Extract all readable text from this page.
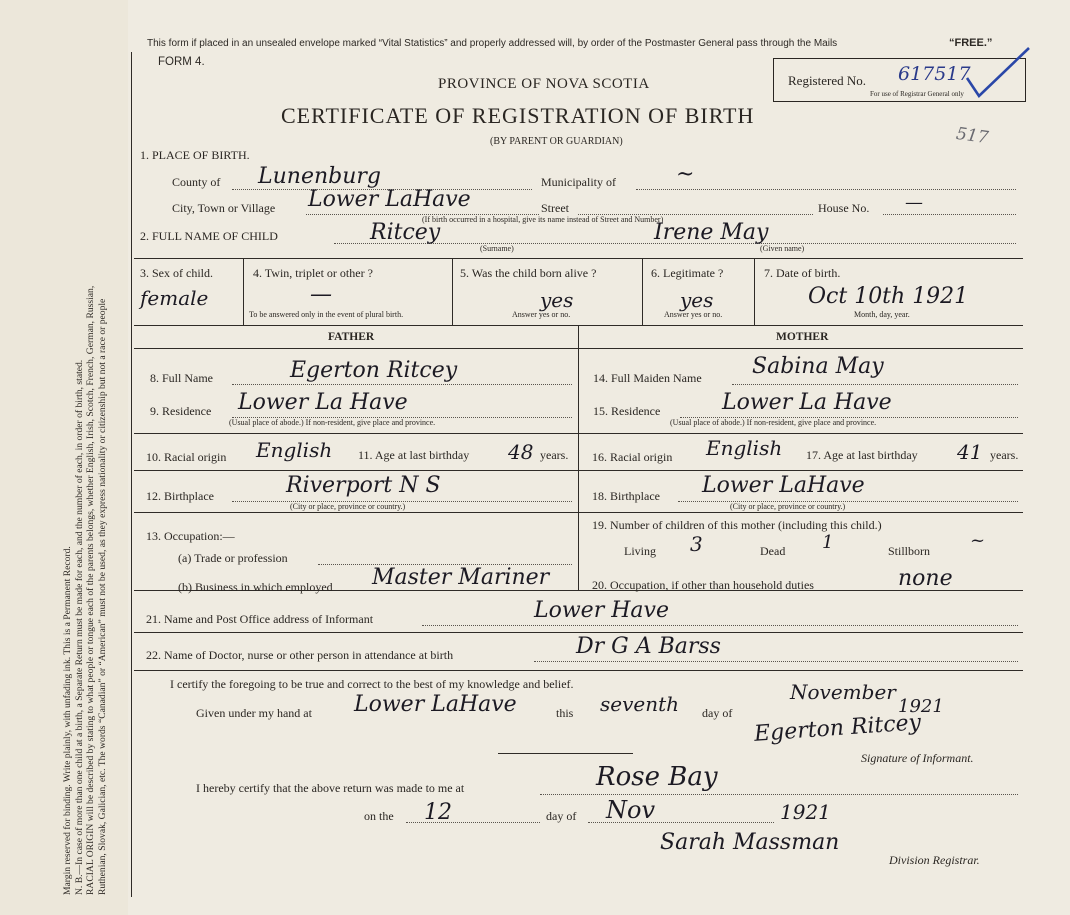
Margin reserved for binding. Write plainly, with unfading ink. This is a Permanent Record. N. B.—In case of more than one child at a birth, a Separate Return must be made for each, and the number of each, in order of birth, stated. RACIAL ORIGIN will be described by stating to what people or tongue each of the parents belongs, whether English, Irish, Scotch, French, German, Russian, Ruthenian, Slovak, Galician, etc. The words “Canadian” or “American” must not be used, as they express nationality or citizenship but not a race or people
This form if placed in an unsealed envelope marked “Vital Statistics” and properly addressed will, by order of the Postmaster General pass through the Mails	“FREE.”
FORM 4.
PROVINCE OF NOVA SCOTIA
CERTIFICATE OF REGISTRATION OF BIRTH
(BY PARENT OR GUARDIAN)
Registered No. 617517
For use of Registrar General only
517
1. PLACE OF BIRTH.
County of Lunenburg	Municipality of	~
City, Town or Village Lower LaHave	Street	House No. —
(If birth occurred in a hospital, give its name instead of Street and Number)
2. FULL NAME OF CHILD	Ritcey
(Surname)
Irene May
(Given name)
3. Sex of child.
female
4. Twin, triplet or other ?
—
To be answered only in the event of plural birth.
5. Was the child born alive ?
yes
Answer yes or no.
6. Legitimate ?
yes
Answer yes or no.
7. Date of birth.
Oct 10th 1921
Month, day, year.
FATHER	MOTHER
8. Full Name	Egerton Ritcey
9. Residence Lower La Have
(Usual place of abode.) If non-resident, give place and province.
10. Racial origin English 11. Age at last birthday 48 years.
12. Birthplace	Riverport N S
(City or place, province or country.)
13. Occupation:—
(a) Trade or profession
(b) Business in which employed Master Mariner
14. Full Maiden Name Sabina May
15. Residence	Lower La Have
(Usual place of abode.) If non-resident, give place and province.
16. Racial origin English 17. Age at last birthday 41 years.
18. Birthplace Lower LaHave
(City or place, province or country.)
19. Number of children of this mother (including this child.)
Living 3	Dead 1	Stillborn ~
20. Occupation, if other than household duties	none
21. Name and Post Office address of Informant	Lower Have
22. Name of Doctor, nurse or other person in attendance at birth	Dr G A Barss
I certify the foregoing to be true and correct to the best of my knowledge and belief.
Given under my hand at Lower LaHave	this seventh day of
November
1921
Egerton Ritcey
Signature of Informant.
I hereby certify that the above return was made to me at	Rose Bay
on the 12	day of Nov	1921
Sarah Massman
Division Registrar.
